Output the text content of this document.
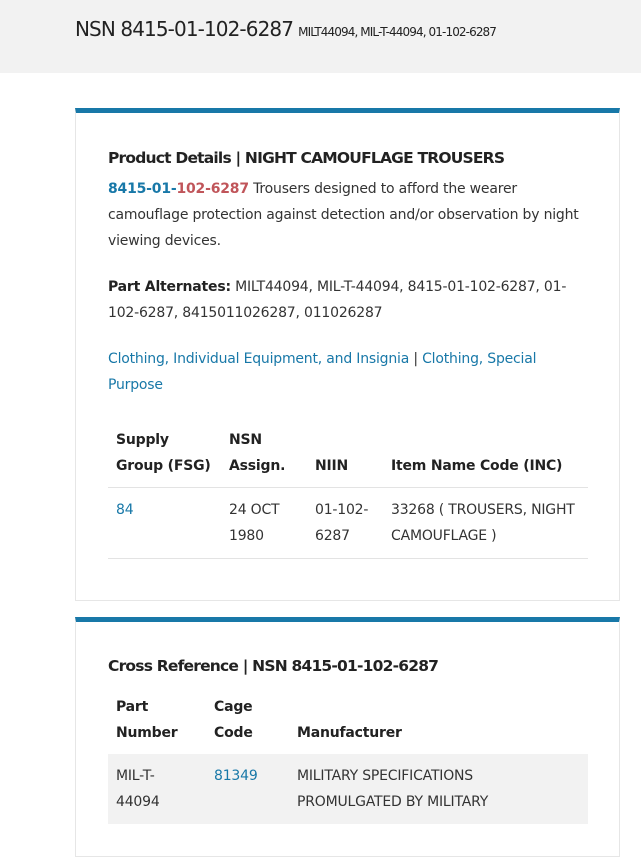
NSN 8415-01-102-6287 MILT44094, MIL-T-44094, 01-102-6287
Product Details | NIGHT CAMOUFLAGE TROUSERS
8415-01-102-6287 Trousers designed to afford the wearer camouflage protection against detection and/or observation by night viewing devices.
Part Alternates: MILT44094, MIL-T-44094, 8415-01-102-6287, 01-102-6287, 8415011026287, 011026287
Clothing, Individual Equipment, and Insignia | Clothing, Special Purpose
Supply Group (FSG)	NSN Assign.	NIIN	Item Name Code (INC)
84	24 OCT 1980	01-102-6287	33268 ( TROUSERS, NIGHT CAMOUFLAGE )
Cross Reference | NSN 8415-01-102-6287
Part Number	Cage Code	Manufacturer
MIL-T-44094	81349	MILITARY SPECIFICATIONS PROMULGATED BY MILITARY
